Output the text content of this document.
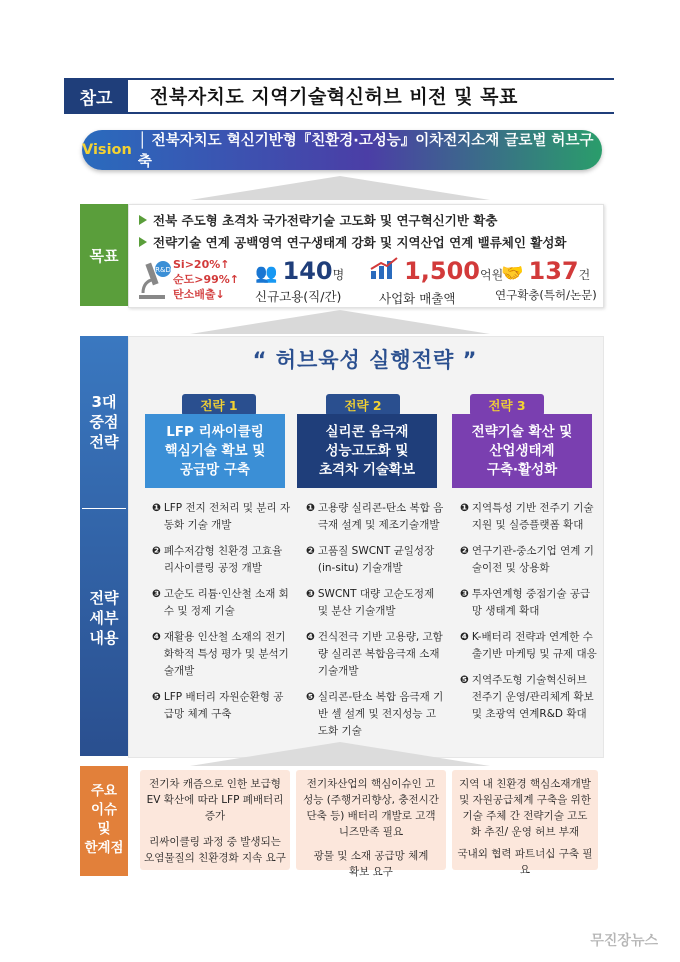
참고	전북자치도 지역기술혁신허브 비전 및 목표
Vision
│ 전북자치도 혁신기반형『친환경·고성능』이차전지소재 글로벌 허브구축
목표
전북 주도형 초격차 국가전략기술 고도화 및 연구혁신기반 확충
전략기술 연계 공백영역 연구생태계 강화 및 지역산업 연계 밸류체인 활성화
R&D Si>20%↑
순도>99%↑
탄소배출↓
👥 140명
신규고용(직/간)
1,500억원
사업화 매출액
🤝 137건
연구확충(특허/논문)
3대
중점
전략
전략
세부
내용
“ 허브육성 실행전략 ”
전략 1	전략 2	전략 3
LFP 리싸이클링
핵심기술 확보 및
공급망 구축
실리콘 음극재
성능고도화 및
초격차 기술확보
전략기술 확산 및
산업생태계
구축·활성화
❶ LFP 전지 전처리 및 분리 자동화 기술 개발
❷ 폐수저감형 친환경 고효율 리사이클링 공정 개발
❸ 고순도 리튬·인산철 소재 회수 및 정제 기술
❹ 재활용 인산철 소재의 전기화학적 특성 평가 및 분석기술개발
❺ LFP 배터리 자원순환형 공급망 체계 구축
❶ 고용량 실리콘-탄소 복합 음극재 설계 및 제조기술개발
❷ 고품질 SWCNT 균일성장 (in-situ) 기술개발
❸ SWCNT 대량 고순도정제 및 분산 기술개발
❹ 건식전극 기반 고용량, 고함량 실리콘 복합음극재 소재 기술개발
❺ 실리콘-탄소 복합 음극재 기반 셀 설계 및 전지성능 고도화 기술
❶ 지역특성 기반 전주기 기술지원 및 실증플랫폼 확대
❷ 연구기관-중소기업 연계 기술이전 및 상용화
❸ 투자연계형 중점기술 공급망 생태계 확대
❹ K-배터리 전략과 연계한 수출기반 마케팅 및 규제 대응
❺ 지역주도형 기술혁신허브 전주기 운영/관리체계 확보 및 초광역 연계R&D 확대
주요
이슈
및
한계점
전기차 캐즘으로 인한 보급형EV 확산에 따라 LFP 폐배터리 증가
리싸이클링 과정 중 발생되는 오염물질의 친환경화 지속 요구
전기차산업의 핵심이슈인 고성능 (주행거리향상, 충전시간단축 등) 배터리 개발로 고객 니즈만족 필요
광물 및 소재 공급망 체계 확보 요구
지역 내 친환경 핵심소재개발 및 자원공급체계 구축을 위한 기술 주체 간 전략기술 고도화 추진/ 운영 허브 부재
국내외 협력 파트너십 구축 필요
무진장뉴스
